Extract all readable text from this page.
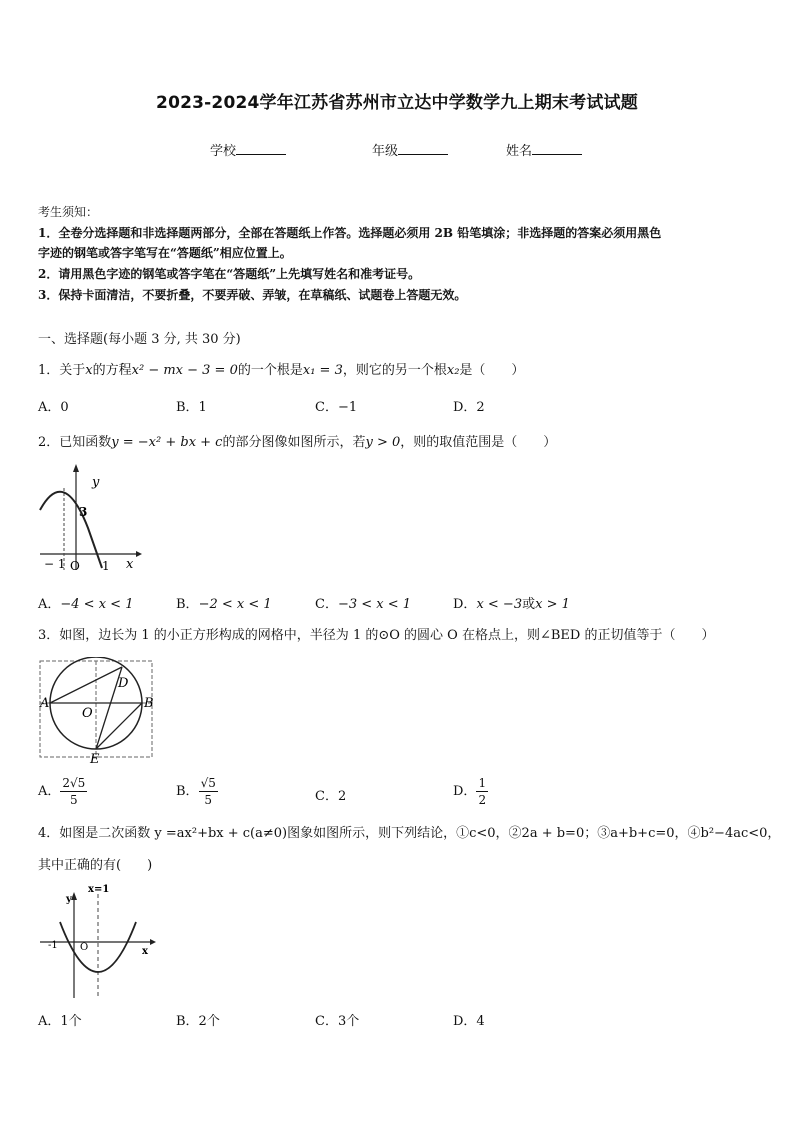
2023-2024学年江苏省苏州市立达中学数学九上期末考试试题
学校	年级	姓名
考生须知：
1．全卷分选择题和非选择题两部分，全部在答题纸上作答。选择题必须用 2B 铅笔填涂；非选择题的答案必须用黑色
字迹的钢笔或答字笔写在“答题纸”相应位置上。
2．请用黑色字迹的钢笔或答字笔在“答题纸”上先填写姓名和准考证号。
3．保持卡面清洁，不要折叠，不要弄破、弄皱，在草稿纸、试题卷上答题无效。
一、选择题(每小题 3 分, 共 30 分)
1．关于x的方程x² − mx − 3 = 0的一个根是x₁ = 3，则它的另一个根x₂是（　　）
A．0	B．1	C．−1	D．2
2．已知函数y = −x² + bx + c的部分图像如图所示，若y > 0，则的取值范围是（　　）
y
x
3
− 1 O 1
A．−4 < x < 1	B．−2 < x < 1	C．−3 < x < 1	D．x < −3或x > 1
3．如图，边长为 1 的小正方形构成的网格中，半径为 1 的⊙O 的圆心 O 在格点上，则∠BED 的正切值等于（　　）
A	B
O
D
E
A． $\frac{2√5}{5}$	B． $\frac{√5}{5}$	C．2	D． $\frac{1}{2}$
4．如图是二次函数 y =ax²+bx + c(a≠0)图象如图所示，则下列结论，①c<0，②2a + b=0；③a+b+c=0，④b²−4ac<0，
其中正确的有(　　)
y
x
x=1
-1 O
A．1个	B．2个	C．3个	D．4
